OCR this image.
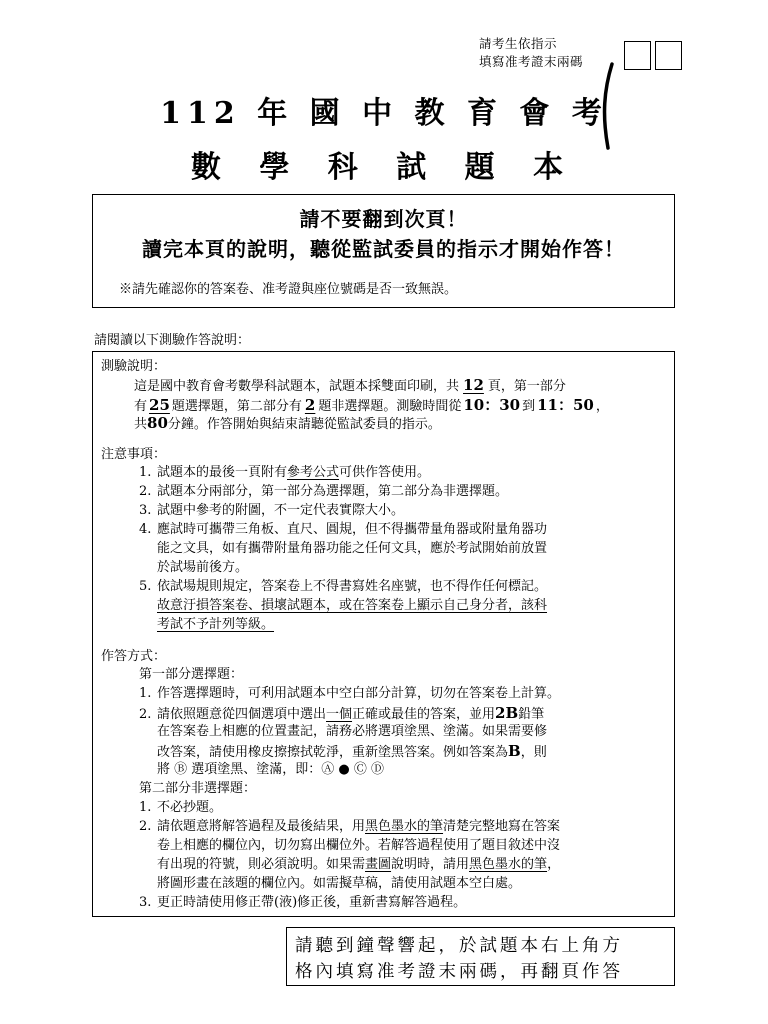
請考生依指示
填寫准考證末兩碼
112 年 國 中 教 育 會 考
數 學 科 試 題 本
請不要翻到次頁！
讀完本頁的說明，聽從監試委員的指示才開始作答！
※請先確認你的答案卷、准考證與座位號碼是否一致無誤。
請閱讀以下測驗作答說明：
測驗說明：
這是國中教育會考數學科試題本，試題本採雙面印刷，共 12 頁，第一部分
有 25 題選擇題，第二部分有 2 題非選擇題。測驗時間從 10：30 到 11：50 ，
共80分鐘。作答開始與結束請聽從監試委員的指示。
注意事項：
1. 試題本的最後一頁附有參考公式可供作答使用。
2. 試題本分兩部分，第一部分為選擇題，第二部分為非選擇題。
3. 試題中參考的附圖，不一定代表實際大小。
4. 應試時可攜帶三角板、直尺、圓規，但不得攜帶量角器或附量角器功
能之文具，如有攜帶附量角器功能之任何文具，應於考試開始前放置
於試場前後方。
5. 依試場規則規定，答案卷上不得書寫姓名座號，也不得作任何標記。
故意汙損答案卷、損壞試題本，或在答案卷上顯示自己身分者，該科
考試不予計列等級。
作答方式：
第一部分選擇題：
1. 作答選擇題時，可利用試題本中空白部分計算，切勿在答案卷上計算。
2. 請依照題意從四個選項中選出一個正確或最佳的答案，並用2B鉛筆
在答案卷上相應的位置畫記，請務必將選項塗黑、塗滿。如果需要修
改答案，請使用橡皮擦擦拭乾淨，重新塗黑答案。例如答案為B，則
將 Ⓑ 選項塗黑、塗滿，即：Ⓐ ● Ⓒ Ⓓ
第二部分非選擇題：
1. 不必抄題。
2. 請依題意將解答過程及最後結果，用黑色墨水的筆清楚完整地寫在答案
卷上相應的欄位內，切勿寫出欄位外。若解答過程使用了題目敘述中沒
有出現的符號，則必須說明。如果需畫圖說明時，請用黑色墨水的筆，
將圖形畫在該題的欄位內。如需擬草稿，請使用試題本空白處。
3. 更正時請使用修正帶(液)修正後，重新書寫解答過程。
請聽到鐘聲響起，於試題本右上角方
格內填寫准考證末兩碼，再翻頁作答
